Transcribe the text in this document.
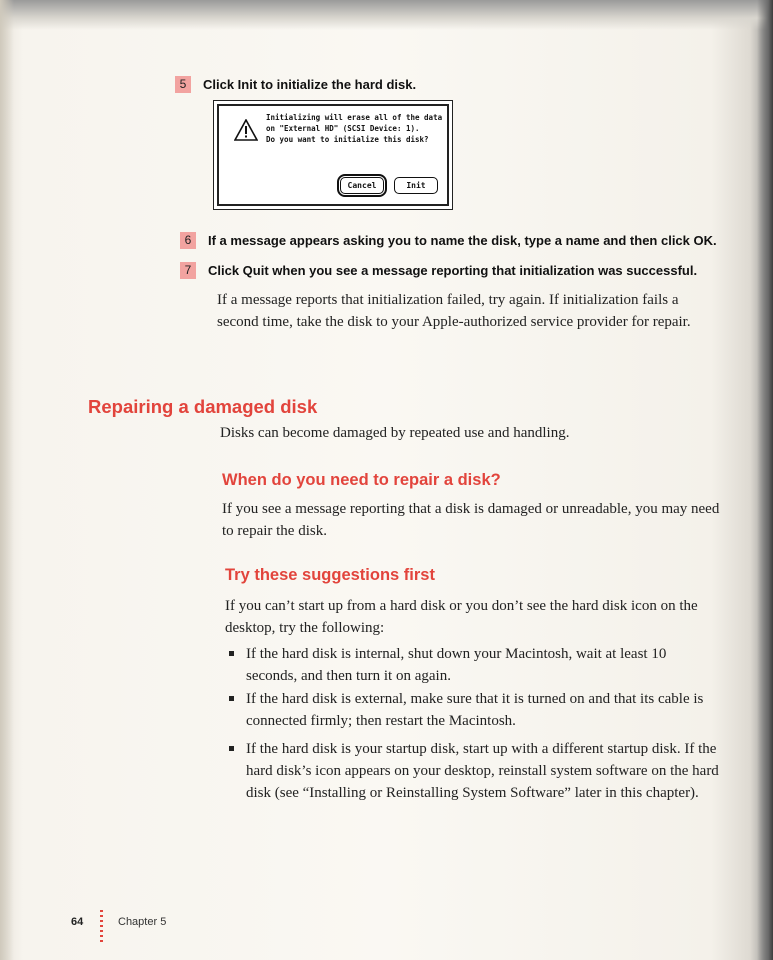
5	Click Init to initialize the hard disk.
Initializing will erase all of the data
on "External HD" (SCSI Device: 1).
Do you want to initialize this disk?
Cancel	Init
6	If a message appears asking you to name the disk, type a name and then click OK.
7	Click Quit when you see a message reporting that initialization was successful.
If a message reports that initialization failed, try again. If initialization fails a second time, take the disk to your Apple-authorized service provider for repair.
Repairing a damaged disk
Disks can become damaged by repeated use and handling.
When do you need to repair a disk?
If you see a message reporting that a disk is damaged or unreadable, you may need to repair the disk.
Try these suggestions first
If you can’t start up from a hard disk or you don’t see the hard disk icon on the desktop, try the following:
If the hard disk is internal, shut down your Macintosh, wait at least 10 seconds, and then turn it on again.
If the hard disk is external, make sure that it is turned on and that its cable is connected firmly; then restart the Macintosh.
If the hard disk is your startup disk, start up with a different startup disk. If the hard disk’s icon appears on your desktop, reinstall system software on the hard disk (see “Installing or Reinstalling System Software” later in this chapter).
64	Chapter 5
